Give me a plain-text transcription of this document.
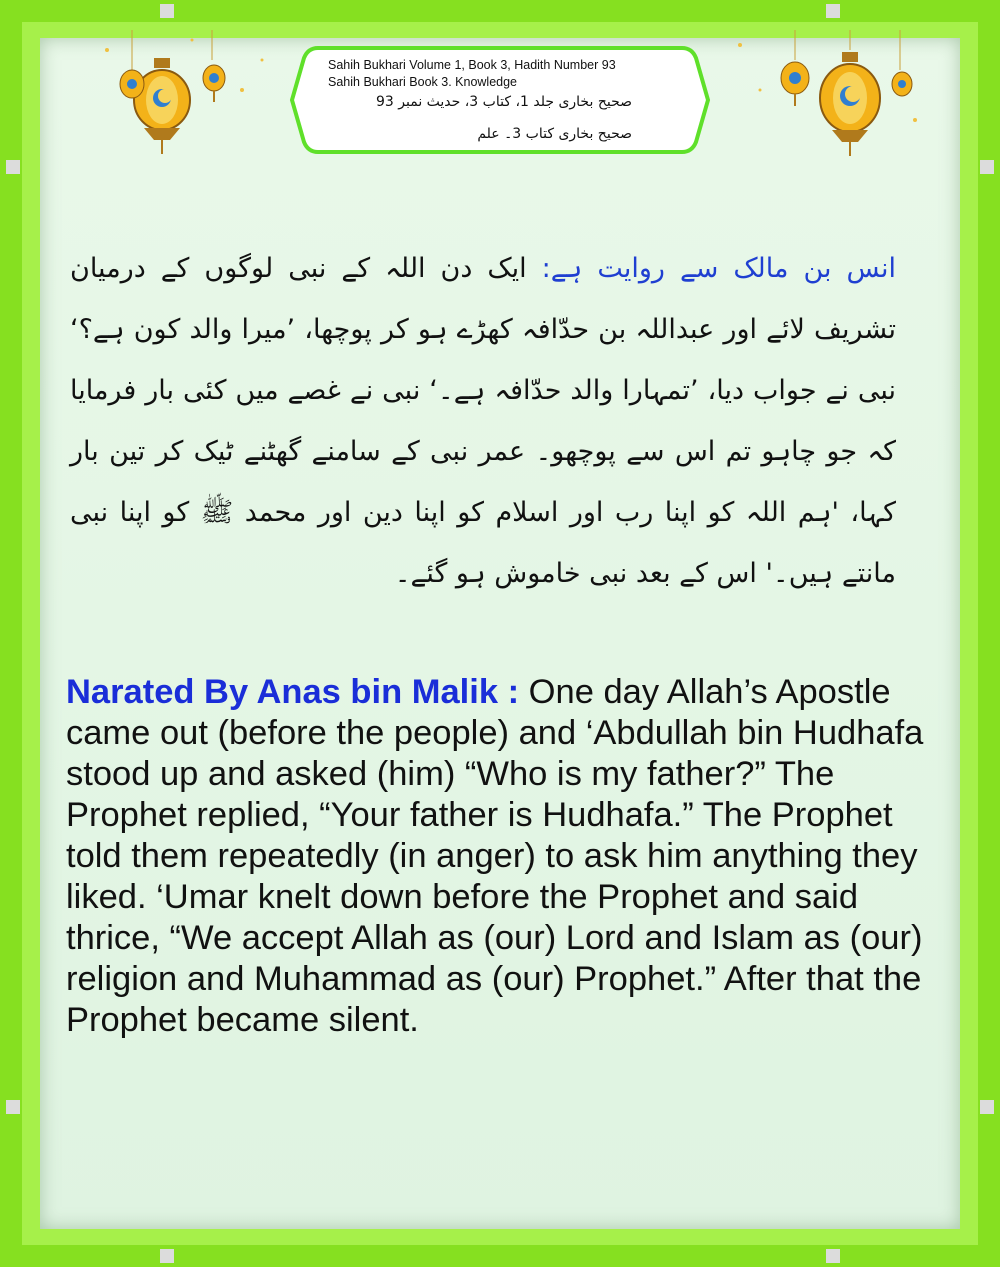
Sahih Bukhari Volume 1, Book 3, Hadith Number 93
Sahih Bukhari Book 3. Knowledge
صحیح بخاری جلد 1، کتاب 3، حدیث نمبر 93
صحیح بخاری کتاب 3۔ علم
انس بن مالک سے روایت ہے: ایک دن اللہ کے نبی لوگوں کے درمیان تشریف لائے اور عبداللہ بن حدّافہ کھڑے ہو کر پوچھا، ’میرا والد کون ہے؟‘ نبی نے جواب دیا، ’تمہارا والد حدّافہ ہے۔‘ نبی نے غصے میں کئی بار فرمایا کہ جو چاہو تم اس سے پوچھو۔ عمر نبی کے سامنے گھٹنے ٹیک کر تین بار کہا، 'ہم اللہ کو اپنا رب اور اسلام کو اپنا دین اور محمد ﷺ کو اپنا نبی مانتے ہیں۔' اس کے بعد نبی خاموش ہو گئے۔
Narated By Anas bin Malik : One day Allah’s Apostle came out (before the people) and ‘Abdullah bin Hudhafa stood up and asked (him) “Who is my father?” The Prophet replied, “Your father is Hudhafa.” The Prophet told them repeatedly (in anger) to ask him anything they liked. ‘Umar knelt down before the Prophet and said thrice, “We accept Allah as (our) Lord and Islam as (our) religion and Muhammad as (our) Prophet.” After that the Prophet became silent.
